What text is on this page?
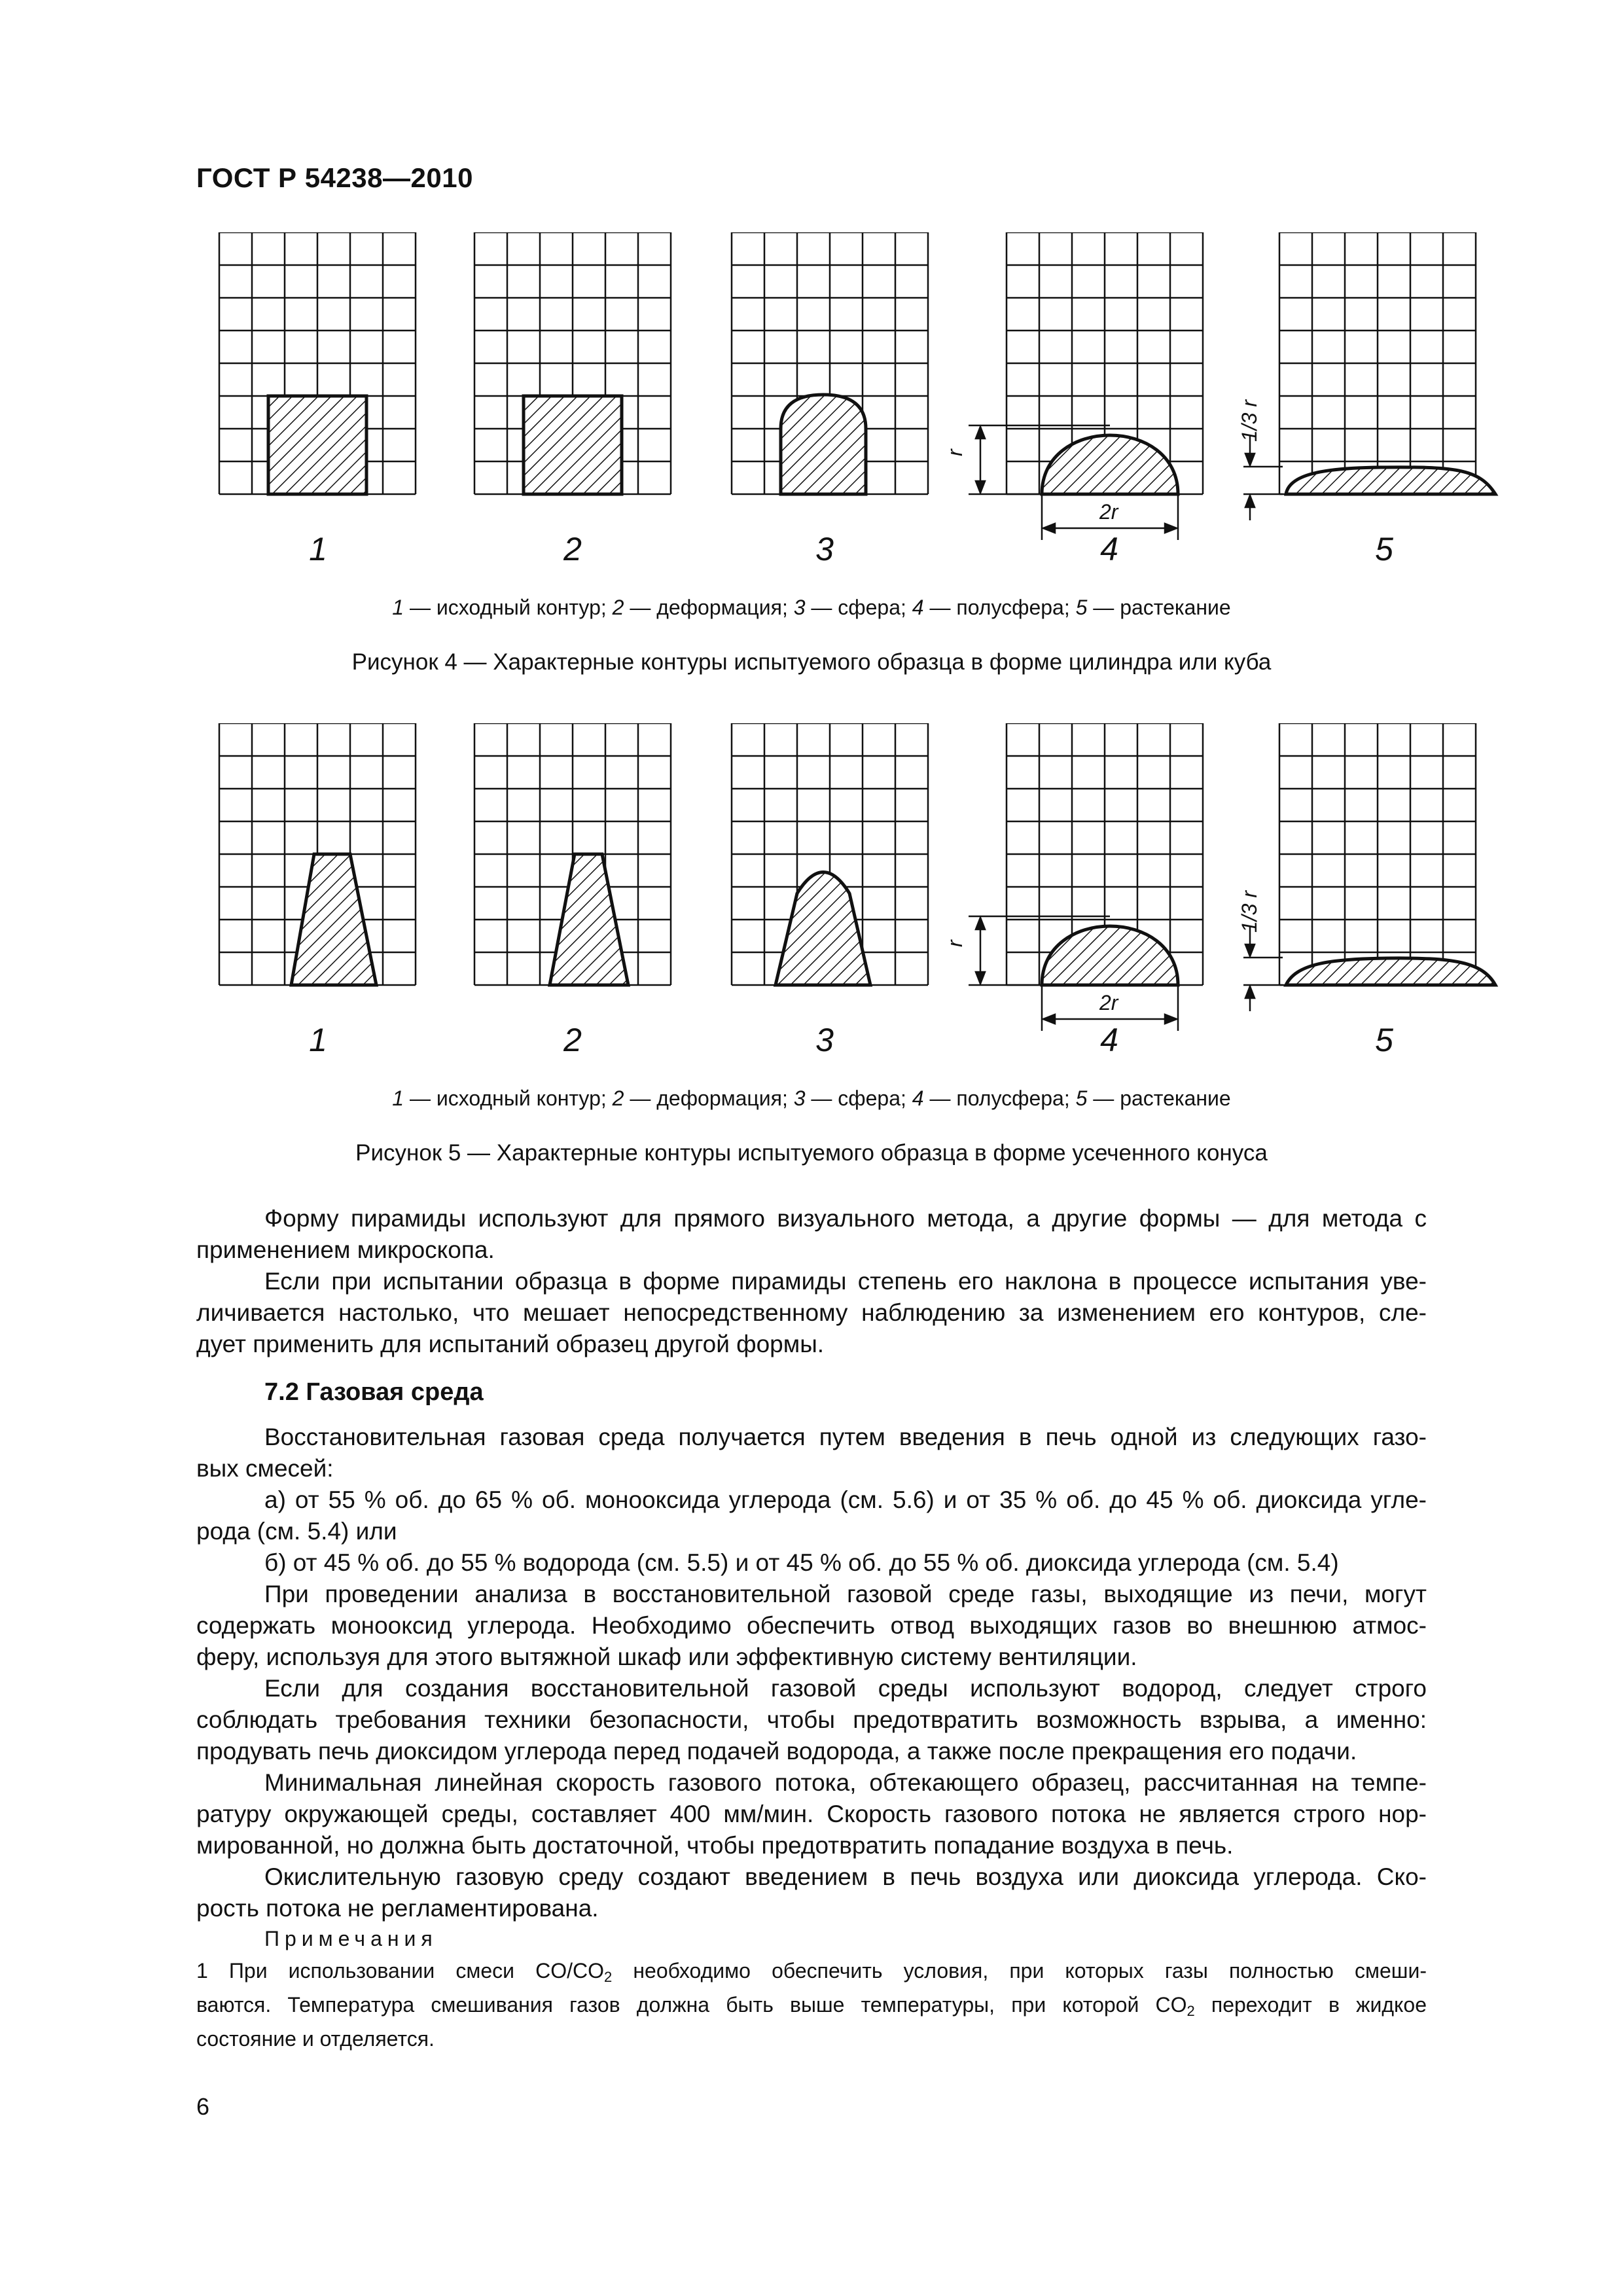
ГОСТ Р 54238—2010
r
2r
1/3 r
1	2	3	4	5
1 — исходный контур; 2 — деформация; 3 — сфера; 4 — полусфера; 5 — растекание
Рисунок 4 — Характерные контуры испытуемого образца в форме цилиндра или куба
r
2r
1/3 r
1	2	3	4	5
1 — исходный контур; 2 — деформация; 3 — сфера; 4 — полусфера; 5 — растекание
Рисунок 5 — Характерные контуры испытуемого образца в форме усеченного конуса
Форму пирамиды используют для прямого визуального метода, а другие формы — для метода с
применением микроскопа.
Если при испытании образца в форме пирамиды степень его наклона в процессе испытания уве-
личивается настолько, что мешает непосредственному наблюдению за изменением его контуров, сле-
дует применить для испытаний образец другой формы.
7.2 Газовая среда
Восстановительная газовая среда получается путем введения в печь одной из следующих газо-
вых смесей:
а) от 55 % об. до 65 % об. монооксида углерода (см. 5.6) и от 35 % об. до 45 % об. диоксида угле-
рода (см. 5.4) или
б) от 45 % об. до 55 % водорода (см. 5.5) и от 45 % об. до 55 % об. диоксида углерода (см. 5.4)
При проведении анализа в восстановительной газовой среде газы, выходящие из печи, могут
содержать монооксид углерода. Необходимо обеспечить отвод выходящих газов во внешнюю атмос-
феру, используя для этого вытяжной шкаф или эффективную систему вентиляции.
Если для создания восстановительной газовой среды используют водород, следует строго
соблюдать требования техники безопасности, чтобы предотвратить возможность взрыва, а именно:
продувать печь диоксидом углерода перед подачей водорода, а также после прекращения его подачи.
Минимальная линейная скорость газового потока, обтекающего образец, рассчитанная на темпе-
ратуру окружающей среды, составляет 400 мм/мин. Скорость газового потока не является строго нор-
мированной, но должна быть достаточной, чтобы предотвратить попадание воздуха в печь.
Окислительную газовую среду создают введением в печь воздуха или диоксида углерода. Ско-
рость потока не регламентирована.
Примечания
1 При использовании смеси $CO/CO_2$ необходимо обеспечить условия, при которых газы полностью смеши-
ваются. Температура смешивания газов должна быть выше температуры, при которой $CO_2$ переходит в жидкое
состояние и отделяется.
6
